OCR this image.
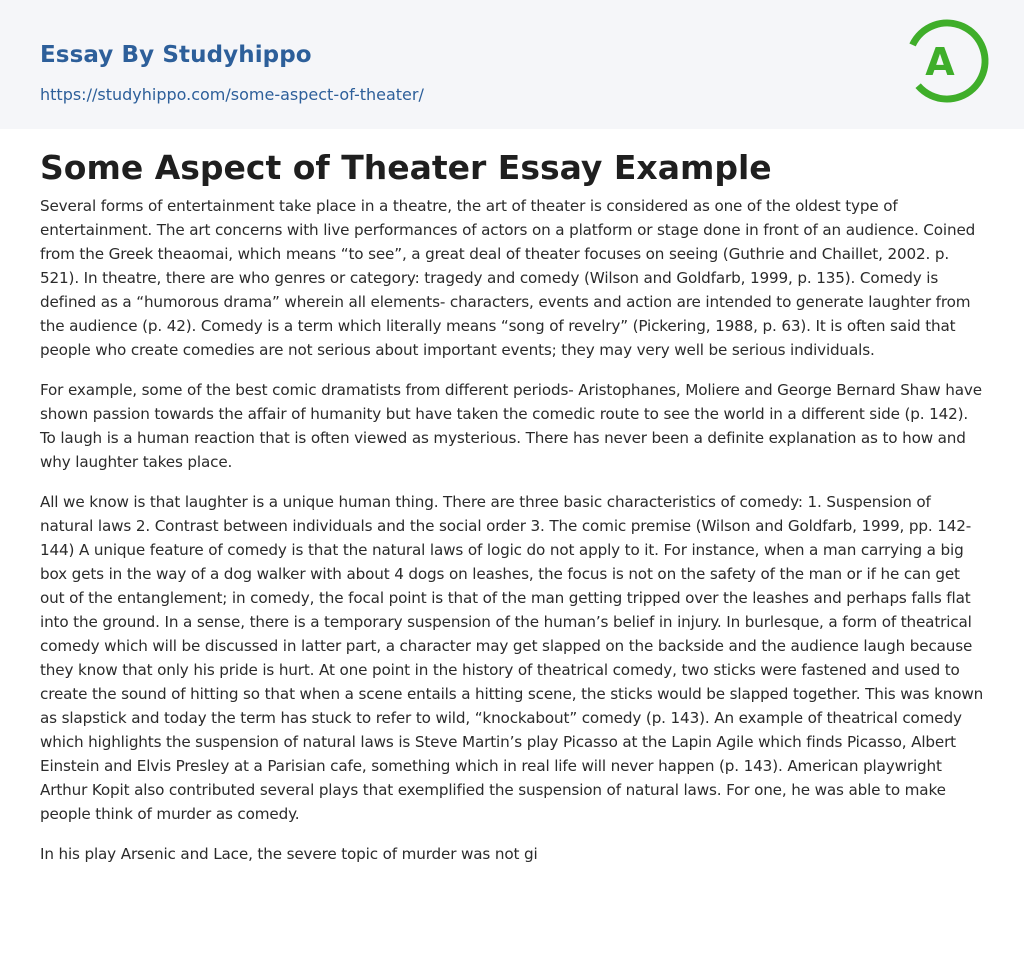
Essay By Studyhippo
https://studyhippo.com/some-aspect-of-theater/
A
Some Aspect of Theater Essay Example

Several forms of entertainment take place in a theatre, the art of theater is considered as one of the oldest type of entertainment. The art concerns with live performances of actors on a platform or stage done in front of an audience. Coined from the Greek theaomai, which means “to see”, a great deal of theater focuses on seeing (Guthrie and Chaillet, 2002. p. 521). In theatre, there are who genres or category: tragedy and comedy (Wilson and Goldfarb, 1999, p. 135). Comedy is defined as a “humorous drama” wherein all elements- characters, events and action are intended to generate laughter from the audience (p. 42). Comedy is a term which literally means “song of revelry” (Pickering, 1988, p. 63). It is often said that people who create comedies are not serious about important events; they may very well be serious individuals.

For example, some of the best comic dramatists from different periods- Aristophanes, Moliere and George Bernard Shaw have shown passion towards the affair of humanity but have taken the comedic route to see the world in a different side (p. 142). To laugh is a human reaction that is often viewed as mysterious. There has never been a definite explanation as to how and why laughter takes place.

All we know is that laughter is a unique human thing. There are three basic characteristics of comedy: 1. Suspension of natural laws 2. Contrast between individuals and the social order 3. The comic premise (Wilson and Goldfarb, 1999, pp. 142-144) A unique feature of comedy is that the natural laws of logic do not apply to it. For instance, when a man carrying a big box gets in the way of a dog walker with about 4 dogs on leashes, the focus is not on the safety of the man or if he can get out of the entanglement; in comedy, the focal point is that of the man getting tripped over the leashes and perhaps falls flat into the ground. In a sense, there is a temporary suspension of the human’s belief in injury. In burlesque, a form of theatrical comedy which will be discussed in latter part, a character may get slapped on the backside and the audience laugh because they know that only his pride is hurt. At one point in the history of theatrical comedy, two sticks were fastened and used to create the sound of hitting so that when a scene entails a hitting scene, the sticks would be slapped together. This was known as slapstick and today the term has stuck to refer to wild, “knockabout” comedy (p. 143). An example of theatrical comedy which highlights the suspension of natural laws is Steve Martin’s play Picasso at the Lapin Agile which finds Picasso, Albert Einstein and Elvis Presley at a Parisian cafe, something which in real life will never happen (p. 143). American playwright Arthur Kopit also contributed several plays that exemplified the suspension of natural laws. For one, he was able to make people think of murder as comedy.

In his play Arsenic and Lace, the severe topic of murder was not gi
